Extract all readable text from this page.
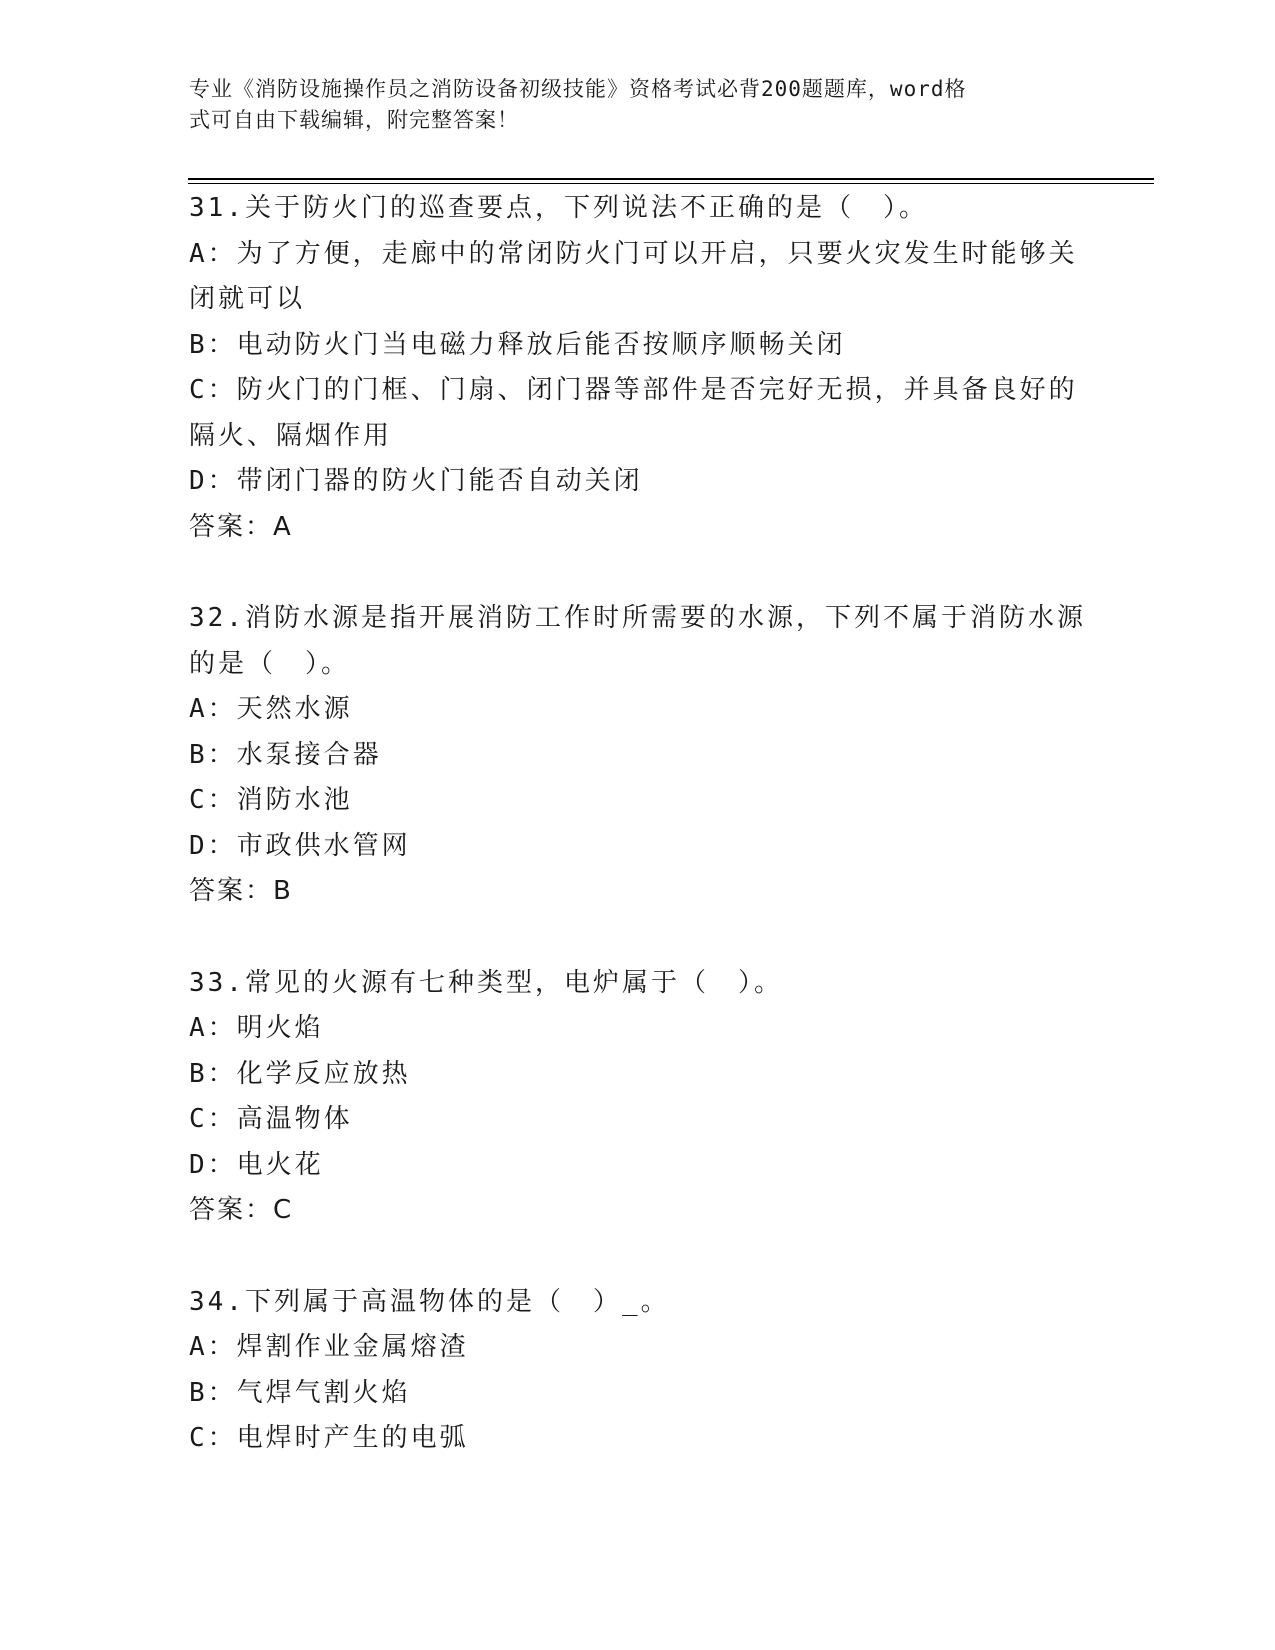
专业《消防设施操作员之消防设备初级技能》资格考试必背200题题库，word格
式可自由下载编辑，附完整答案！
31.关于防火门的巡查要点，下列说法不正确的是（　）。
A：为了方便，走廊中的常闭防火门可以开启，只要火灾发生时能够关
闭就可以
B：电动防火门当电磁力释放后能否按顺序顺畅关闭
C：防火门的门框、门扇、闭门器等部件是否完好无损，并具备良好的
隔火、隔烟作用
D：带闭门器的防火门能否自动关闭
答案：A
32.消防水源是指开展消防工作时所需要的水源，下列不属于消防水源
的是（　）。
A：天然水源
B：水泵接合器
C：消防水池
D：市政供水管网
答案：B
33.常见的火源有七种类型，电炉属于（　）。
A：明火焰
B：化学反应放热
C：高温物体
D：电火花
答案：C
34.下列属于高温物体的是（　）_。
A：焊割作业金属熔渣
B：气焊气割火焰
C：电焊时产生的电弧
